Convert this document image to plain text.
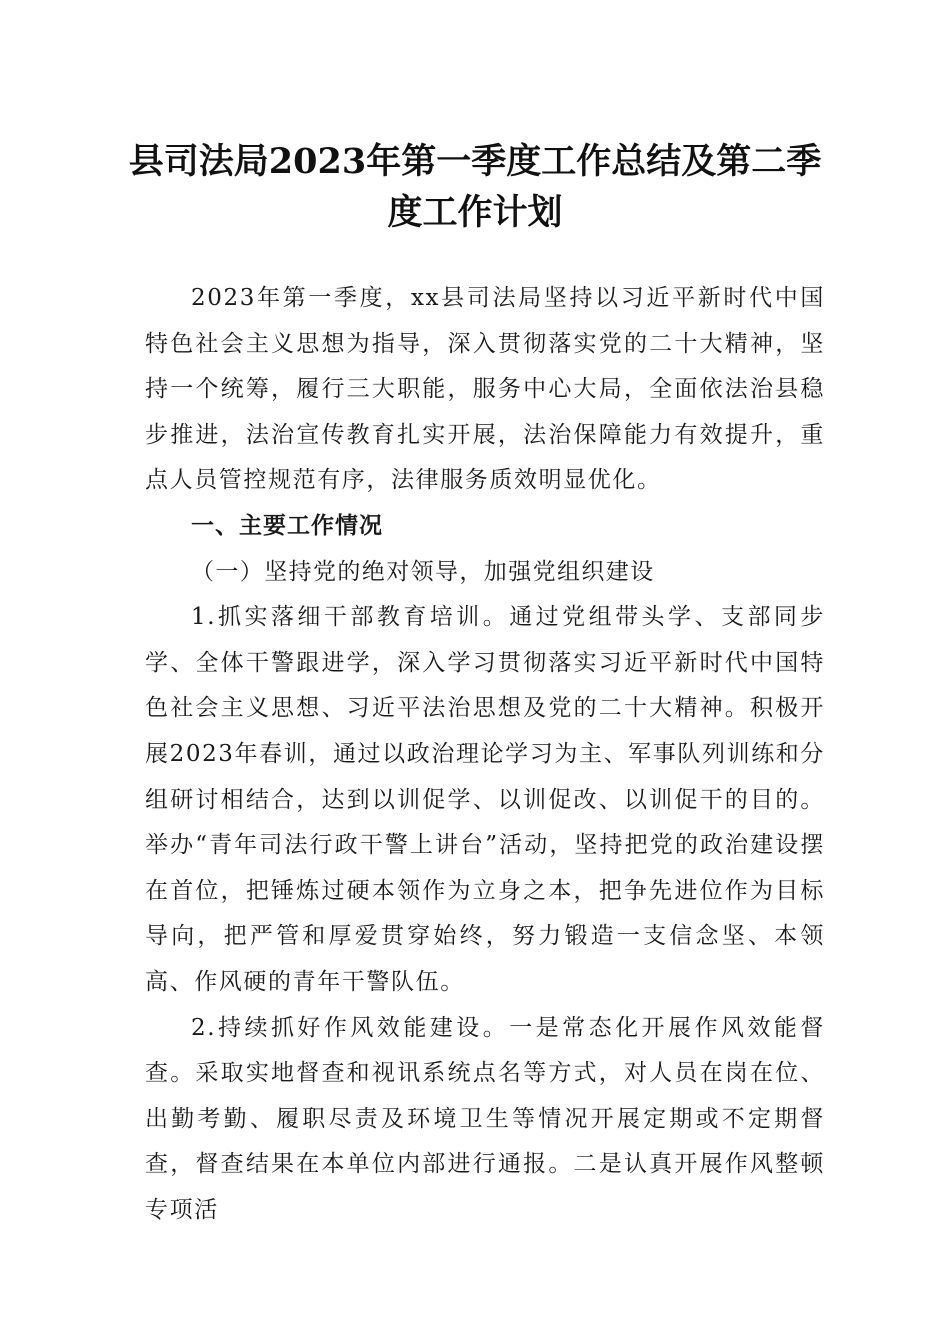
县司法局2023年第一季度工作总结及第二季
度工作计划

2023年第一季度，xx县司法局坚持以习近平新时代中国特色社会主义思想为指导，深入贯彻落实党的二十大精神，坚持一个统筹，履行三大职能，服务中心大局，全面依法治县稳步推进，法治宣传教育扎实开展，法治保障能力有效提升，重点人员管控规范有序，法律服务质效明显优化。

一、主要工作情况

（一）坚持党的绝对领导，加强党组织建设

1.抓实落细干部教育培训。通过党组带头学、支部同步学、全体干警跟进学，深入学习贯彻落实习近平新时代中国特色社会主义思想、习近平法治思想及党的二十大精神。积极开展2023年春训，通过以政治理论学习为主、军事队列训练和分组研讨相结合，达到以训促学、以训促改、以训促干的目的。举办“青年司法行政干警上讲台”活动，坚持把党的政治建设摆在首位，把锤炼过硬本领作为立身之本，把争先进位作为目标导向，把严管和厚爱贯穿始终，努力锻造一支信念坚、本领高、作风硬的青年干警队伍。

2.持续抓好作风效能建设。一是常态化开展作风效能督查。采取实地督查和视讯系统点名等方式，对人员在岗在位、出勤考勤、履职尽责及环境卫生等情况开展定期或不定期督查，督查结果在本单位内部进行通报。二是认真开展作风整顿专项活
